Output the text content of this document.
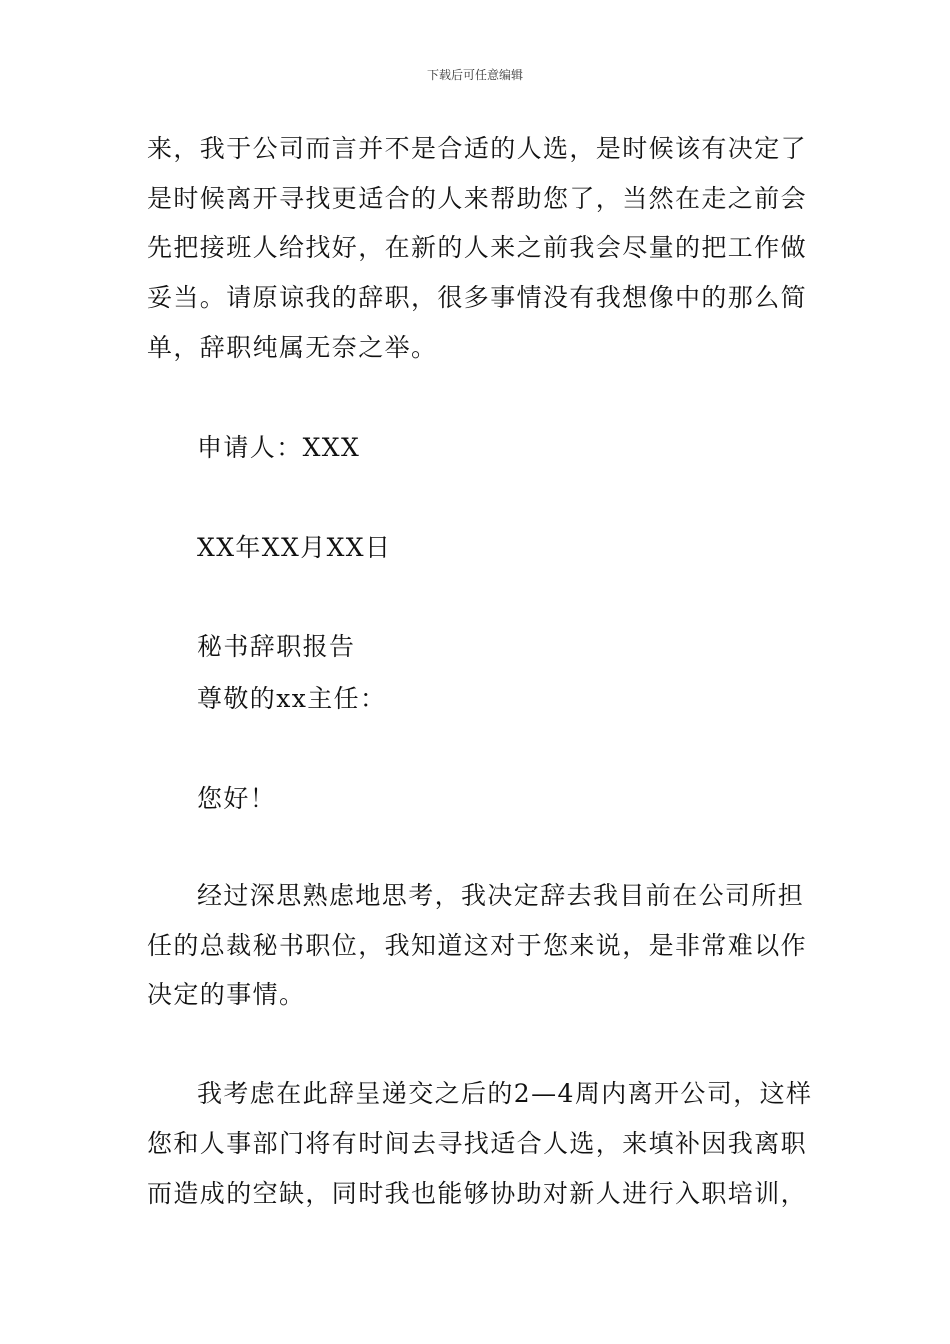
下载后可任意编辑
来，我于公司而言并不是合适的人选，是时候该有决定了
是时候离开寻找更适合的人来帮助您了，当然在走之前会
先把接班人给找好，在新的人来之前我会尽量的把工作做
妥当。请原谅我的辞职，很多事情没有我想像中的那么简
单，辞职纯属无奈之举。
申请人：XXX
XX年XX月XX日
秘书辞职报告
尊敬的xx主任：
您好！
经过深思熟虑地思考，我决定辞去我目前在公司所担
任的总裁秘书职位，我知道这对于您来说，是非常难以作
决定的事情。
我考虑在此辞呈递交之后的2—4周内离开公司，这样
您和人事部门将有时间去寻找适合人选，来填补因我离职
而造成的空缺，同时我也能够协助对新人进行入职培训，
